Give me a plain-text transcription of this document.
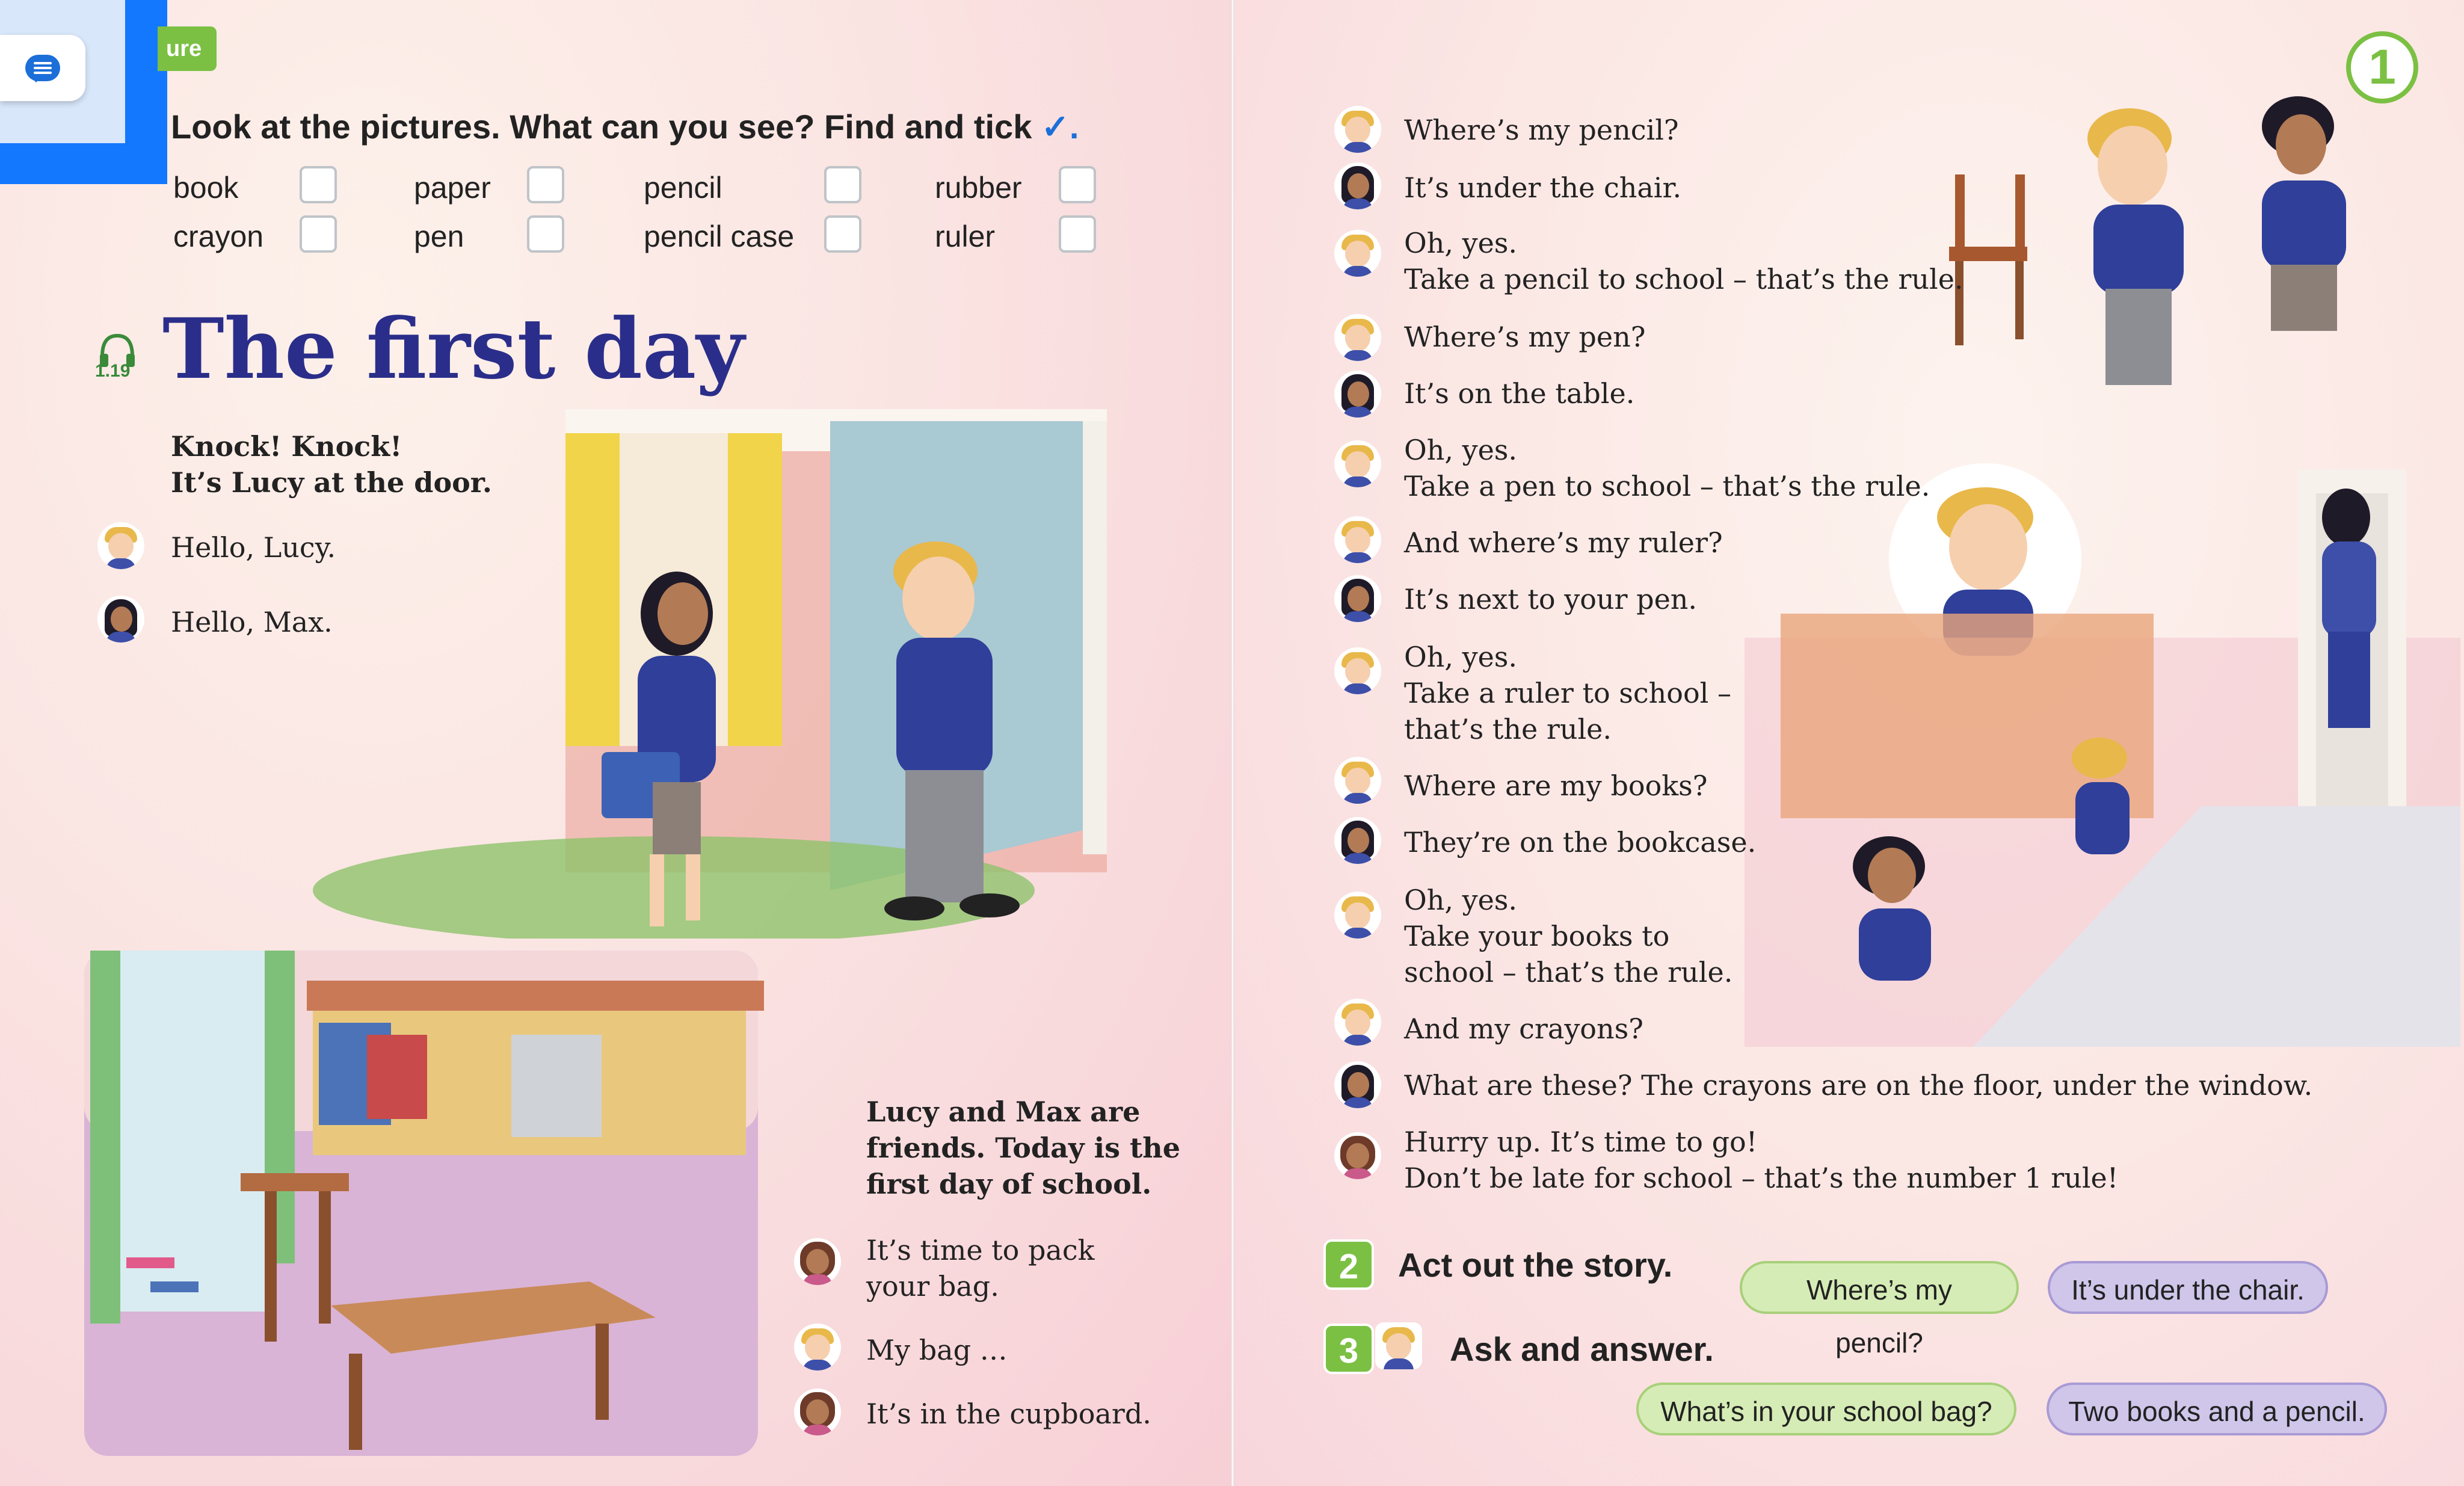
ure
Look at the pictures. What can you see? Find and tick ✓.
book	paper	pencil	rubber
crayon	pen	pencil case	ruler
1.19 The first day
Knock! Knock!
It’s Lucy at the door.
Hello, Lucy.
Hello, Max.
Lucy and Max are
friends. Today is the
first day of school.
It’s time to pack
your bag.
My bag …
It’s in the cupboard.
1
Where’s my pencil?
It’s under the chair.
Oh, yes.
Take a pencil to school – that’s the rule.
Where’s my pen?
It’s on the table.
Oh, yes.
Take a pen to school – that’s the rule.
And where’s my ruler?
It’s next to your pen.
Oh, yes.
Take a ruler to school –
that’s the rule.
Where are my books?
They’re on the bookcase.
Oh, yes.
Take your books to
school – that’s the rule.
And my crayons?
What are these? The crayons are on the floor, under the window.
Hurry up. It’s time to go!
Don’t be late for school – that’s the number 1 rule!
2	Act out the story.
Where’s my pencil?
It’s under the chair.
3	Ask and answer.
What’s in your school bag?	Two books and a pencil.
